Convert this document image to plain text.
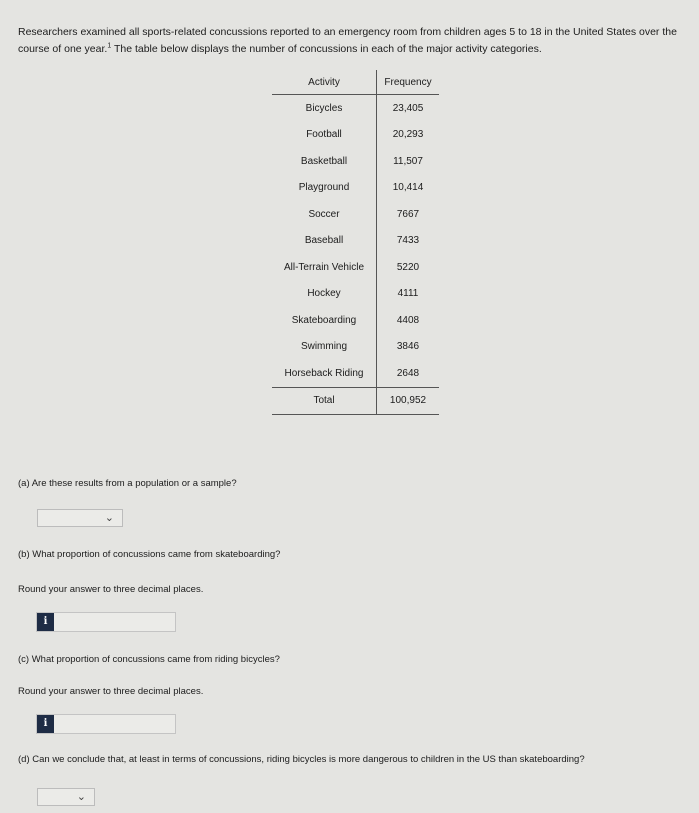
Researchers examined all sports-related concussions reported to an emergency room from children ages 5 to 18 in the United States over the course of one year.$^1$ The table below displays the number of concussions in each of the major activity categories.
Activity	Frequency
Bicycles	23,405
Football	20,293
Basketball	11,507
Playground	10,414
Soccer	7667
Baseball	7433
All-Terrain Vehicle	5220
Hockey	4111
Skateboarding	4408
Swimming	3846
Horseback Riding	2648
Total	100,952
(a) Are these results from a population or a sample?
⌄
(b) What proportion of concussions came from skateboarding?
Round your answer to three decimal places.
i
(c) What proportion of concussions came from riding bicycles?
Round your answer to three decimal places.
i
(d) Can we conclude that, at least in terms of concussions, riding bicycles is more dangerous to children in the US than skateboarding?
⌄
